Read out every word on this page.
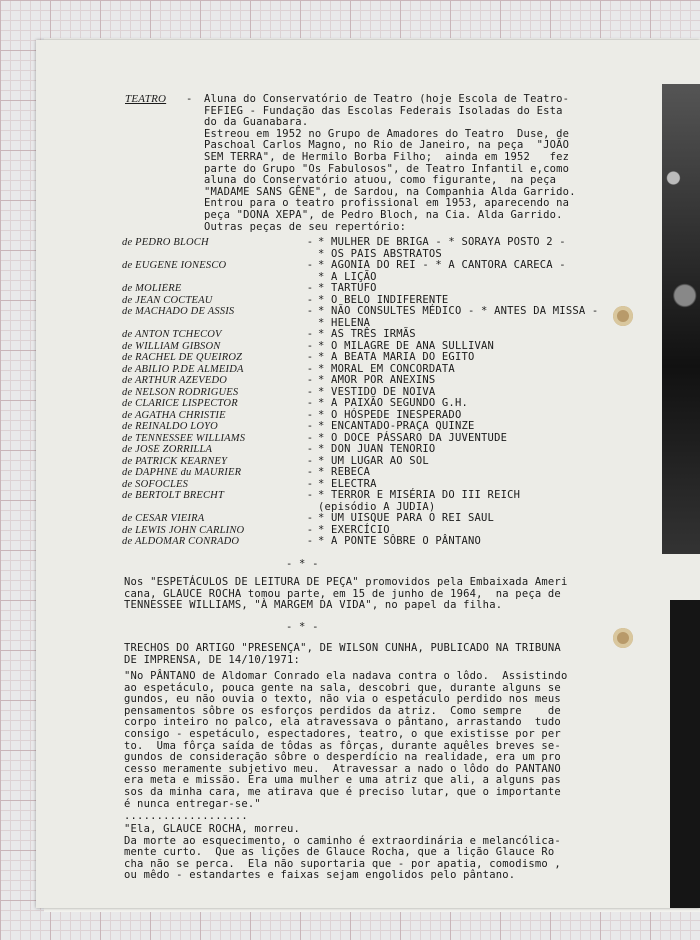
TEATRO - Aluna do Conservatório de Teatro (hoje Escola de Teatro-
FEFIEG - Fundação das Escolas Federais Isoladas do Esta
do da Guanabara.
Estreou em 1952 no Grupo de Amadores do Teatro  Duse, de
Paschoal Carlos Magno, no Rio de Janeiro, na peça  "JOÃO
SEM TERRA", de Hermilo Borba Filho;  ainda em 1952   fez
parte do Grupo "Os Fabulosos", de Teatro Infantil e,como
aluna do Conservatório atuou, como figurante,  na peça
"MADAME SANS GÊNE", de Sardou, na Companhia Alda Garrido.
Entrou para o teatro profissional em 1953, aparecendo na
peça "DONA XEPA", de Pedro Bloch, na Cia. Alda Garrido.
Outras peças de seu repertório:
de PEDRO BLOCH	- * MULHER DE BRIGA - * SORAYA POSTO 2 -
* OS PAIS ABSTRATOS
de EUGENE IONESCO	- * AGONIA DO REI - * A CANTORA CARECA -
* A LIÇÃO
de MOLIÈRE	- * TARTUFO
de JEAN COCTEAU	- * O BELO INDIFERENTE
de MACHADO DE ASSIS	- * NÃO CONSULTES MÉDICO - * ANTES DA MISSA -
* HELENA
de ANTON TCHECOV	- * AS TRÊS IRMÃS
de WILLIAM GIBSON	- * O MILAGRE DE ANA SULLIVAN
de RACHEL DE QUEIROZ	- * A BEATA MARIA DO EGITO
de ABILIO P.DE ALMEIDA	- * MORAL EM CONCORDATA
de ARTHUR AZEVEDO	- * AMOR POR ANEXINS
de NELSON RODRIGUES	- * VESTIDO DE NOIVA
de CLARICE LISPECTOR	- * A PAIXÃO SEGUNDO G.H.
de AGATHA CHRISTIE	- * O HÓSPEDE INESPERADO
de REINALDO LOYO	- * ENCANTADO-PRAÇA QUINZE
de TENNESSEE WILLIAMS	- * O DOCE PÁSSARO DA JUVENTUDE
de JOSÉ ZORRILLA	- * DON JUAN TENORIO
de PATRICK KEARNEY	- * UM LUGAR AO SOL
de DAPHNE du MAURIER	- * REBECA
de SOFOCLES	- * ELECTRA
de BERTOLT BRECHT	- * TERROR E MISÉRIA DO III REICH
(episódio A JUDIA)
de CESAR VIEIRA	- * UM UISQUE PARA O REI SAUL
de LEWIS JOHN CARLINO	- * EXERCÍCIO
de ALDOMAR CONRADO	- * A PONTE SÔBRE O PÂNTANO
- * -
Nos "ESPETÁCULOS DE LEITURA DE PEÇA" promovidos pela Embaixada Ameri
cana, GLAUCE ROCHA tomou parte, em 15 de junho de 1964,  na peça de
TENNESSEE WILLIAMS, "À MARGEM DA VIDA", no papel da filha.
- * -
TRECHOS DO ARTIGO "PRESENÇA", DE WILSON CUNHA, PUBLICADO NA TRIBUNA
DE IMPRENSA, DE 14/10/1971:
"No PÂNTANO de Aldomar Conrado ela nadava contra o lôdo.  Assistindo
ao espetáculo, pouca gente na sala, descobri que, durante alguns se
gundos, eu não ouvia o texto, não via o espetáculo perdido nos meus
pensamentos sôbre os esforços perdidos da atriz.  Como sempre    de
corpo inteiro no palco, ela atravessava o pântano, arrastando  tudo
consigo - espetáculo, espectadores, teatro, o que existisse por per
to.  Uma fôrça saída de tôdas as fôrças, durante aquêles breves se-
gundos de consideração sôbre o desperdício na realidade, era um pro
cesso meramente subjetivo meu.  Atravessar a nado o lôdo do PANTANO
era meta e missão. Era uma mulher e uma atriz que ali, a alguns pas
sos da minha cara, me atirava que é preciso lutar, que o importante
é nunca entregar-se."
...................
"Ela, GLAUCE ROCHA, morreu.
Da morte ao esquecimento, o caminho é extraordinária e melancólica-
mente curto.  Que as lições de Glauce Rocha, que a lição Glauce Ro
cha não se perca.  Ela não suportaria que - por apatia, comodismo ,
ou mêdo - estandartes e faixas sejam engolidos pelo pântano.
